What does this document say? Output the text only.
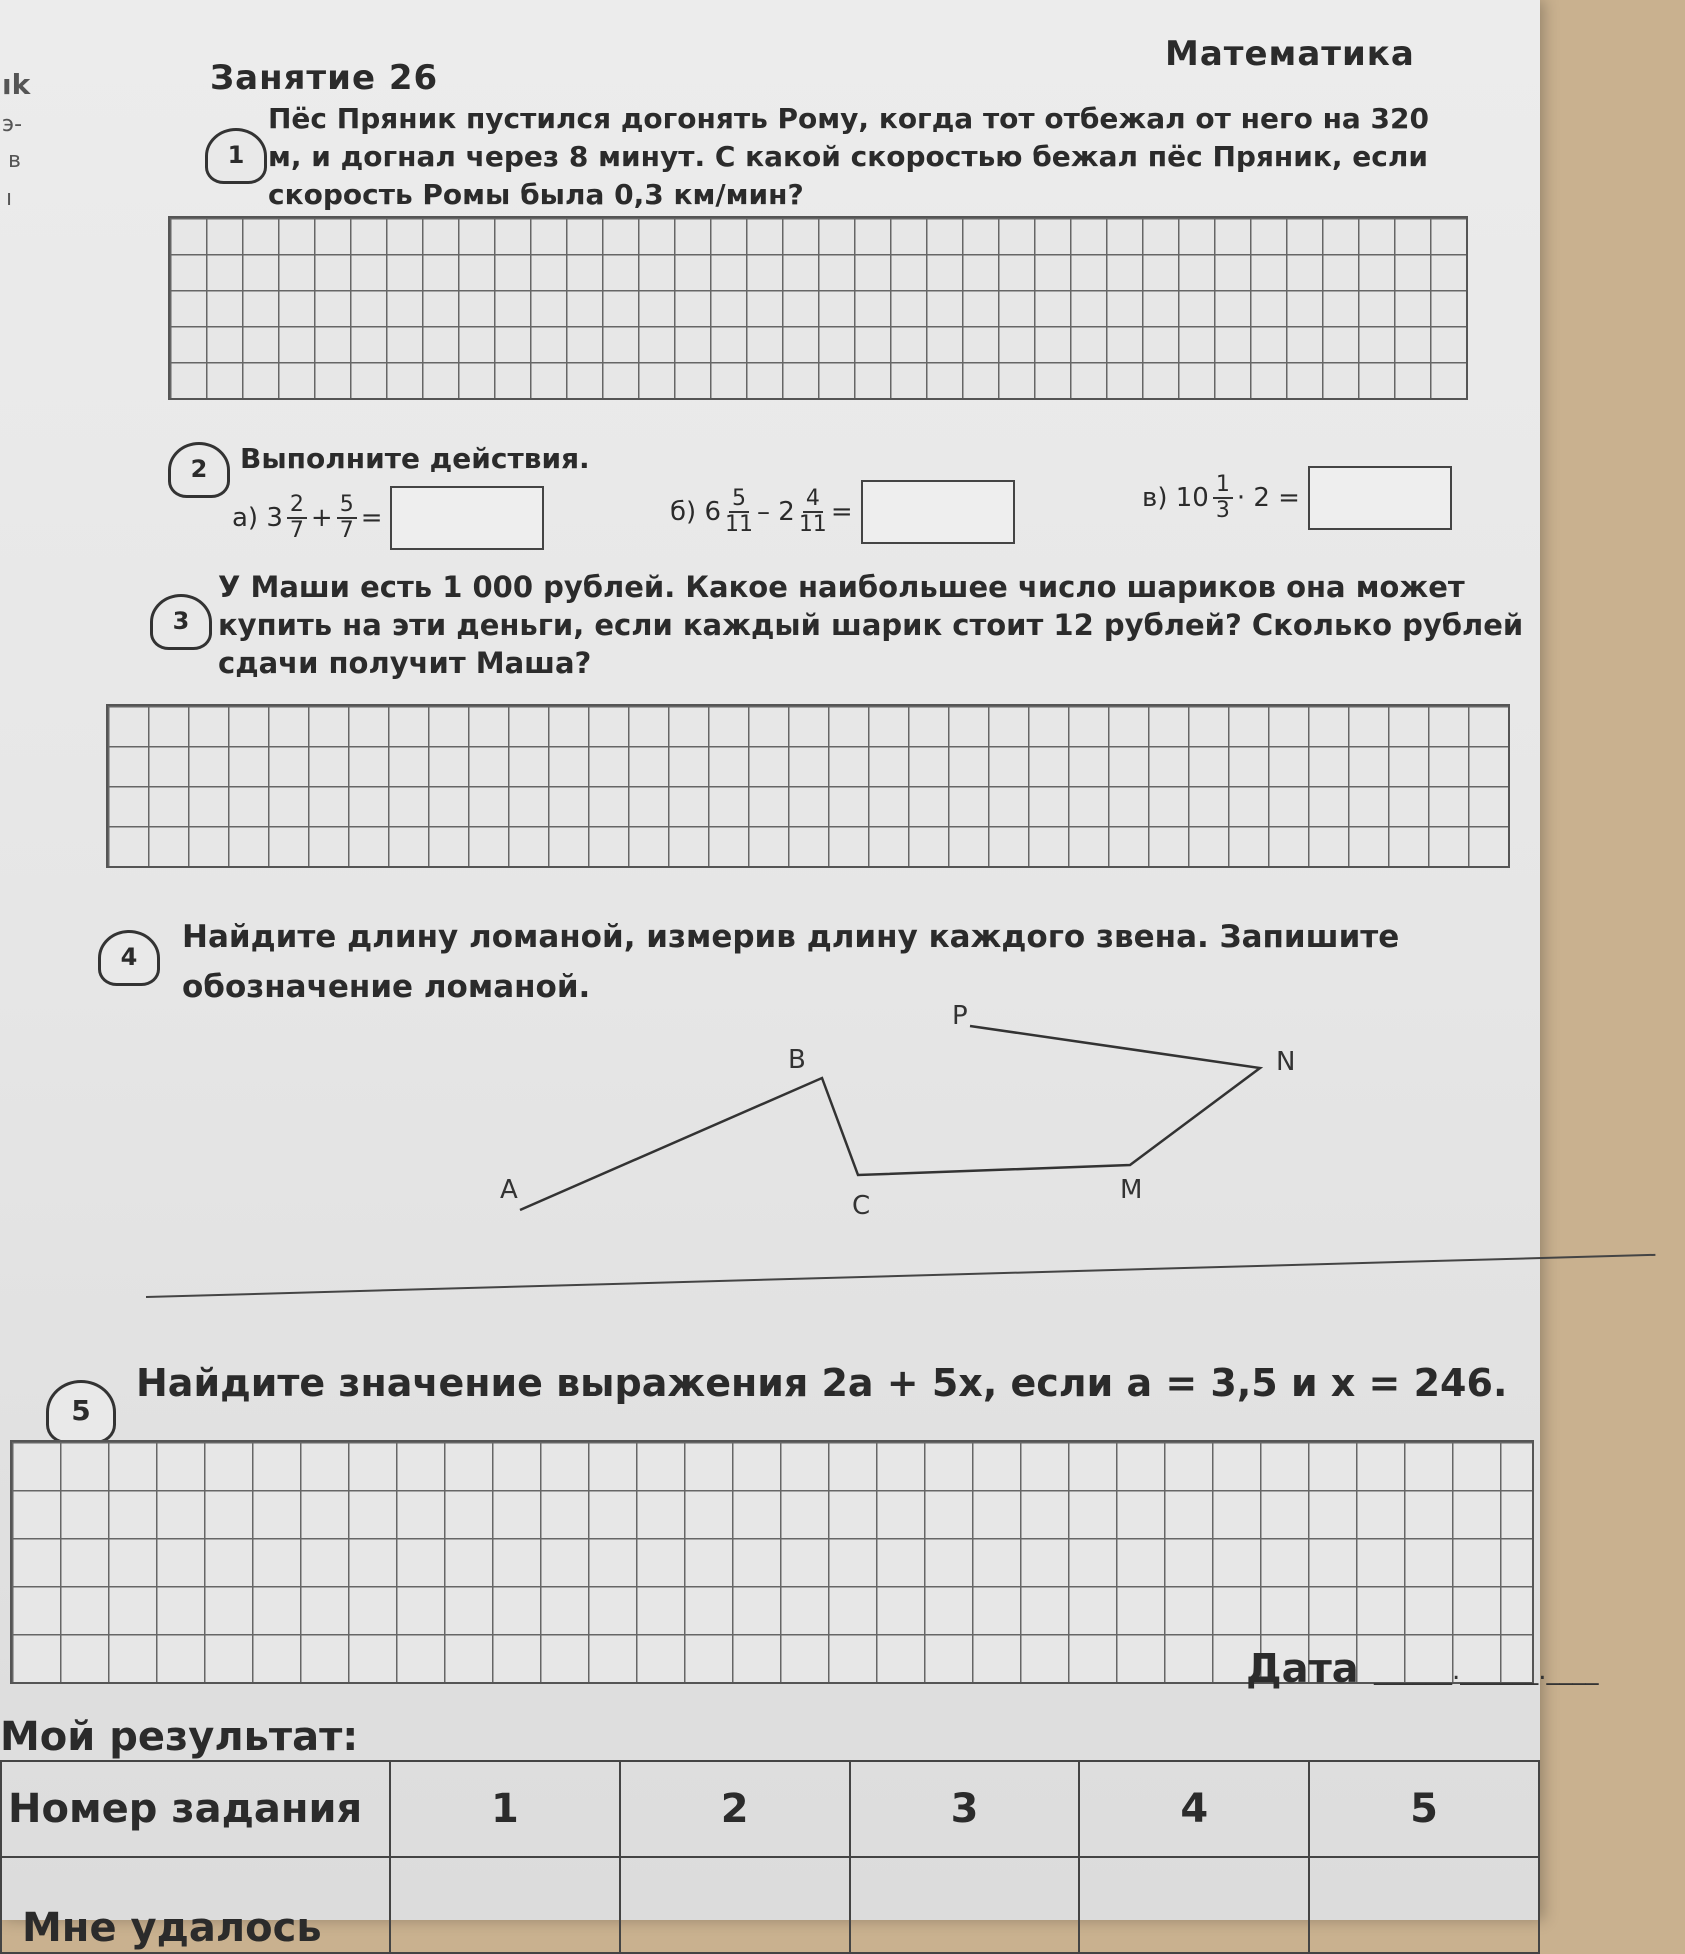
ık
э-
в
ı
Занятие 26
Математика
1
Пёс Пряник пустился догонять Рому, когда тот отбежал от него на 320 м, и догнал через 8 минут. С какой скоростью бежал пёс Пряник, если скорость Ромы была 0,3 км/мин?
2	Выполните действия.
а)
$3 \frac{2}{7} + \frac{5}{7}$ =	б)
$6 \frac{5}{11}$ –
$2 \frac{4}{11}$ =	в)
$10 \frac{1}{3} \cdot 2$
=
3
У Маши есть 1 000 рублей. Какое наибольшее число шариков она может купить на эти деньги, если каждый шарик стоит 12 рублей? Сколько рублей сдачи получит Маша?
4
Найдите длину ломаной, измерив длину каждого звена. Запишите обозначение ломаной.
A
B
C
M
N
P
5
Найдите значение выражения 2a + 5x, если a = 3,5 и x = 246.
Дата ______.______.____
Мой результат:
Номер задания	1	2	3	4	5
Мне удалось					
